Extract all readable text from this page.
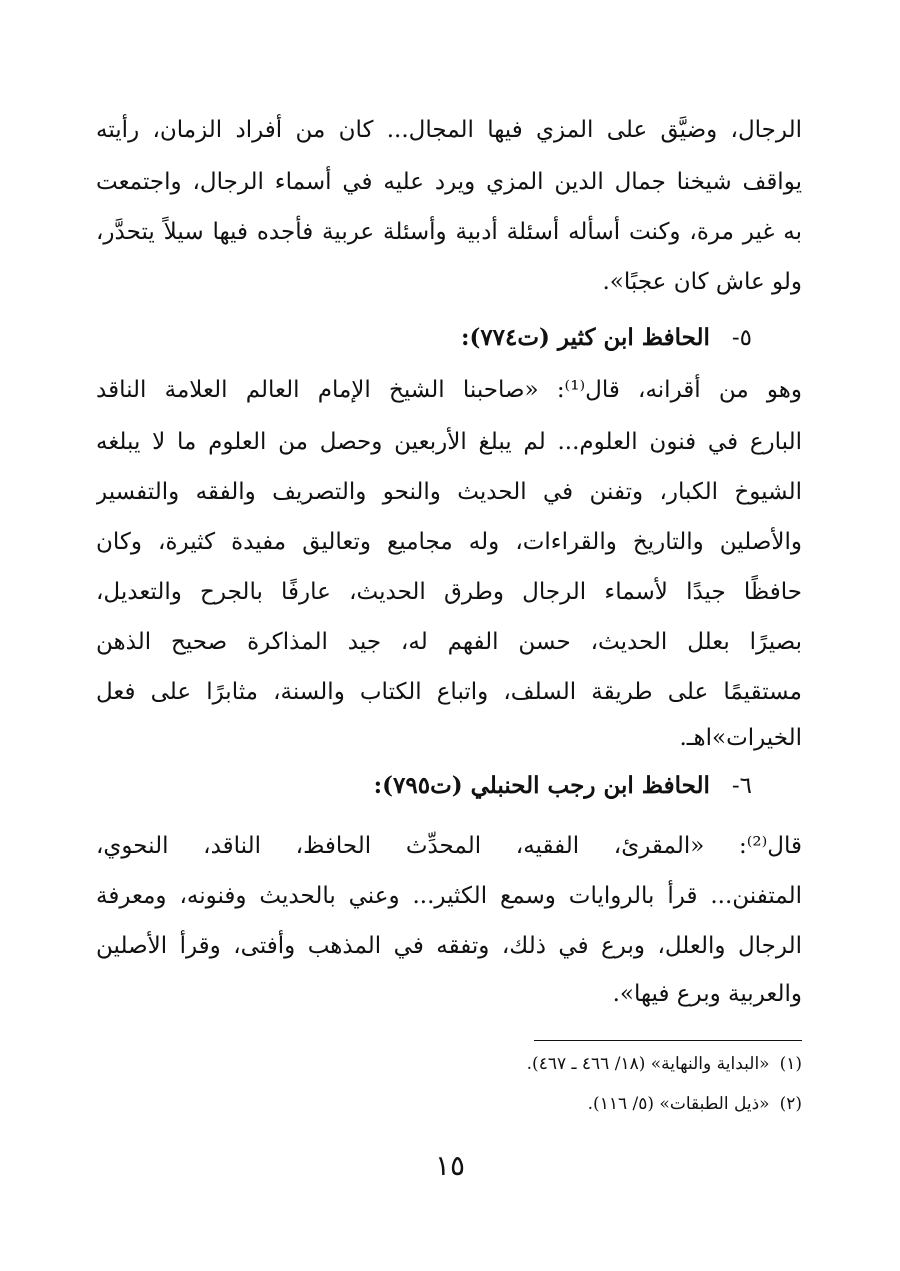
الرجال، وضيَّق على المزي فيها المجال... كان من أفراد الزمان، رأيته
يواقف شيخنا جمال الدين المزي ويرد عليه في أسماء الرجال، واجتمعت
به غير مرة، وكنت أسأله أسئلة أدبية وأسئلة عربية فأجده فيها سيلاً يتحدَّر،
ولو عاش كان عجبًا».
٥-الحافظ ابن كثير (ت٧٧٤):
وهو من أقرانه، قال⁽¹⁾: «صاحبنا الشيخ الإمام العالم العلامة الناقد
البارع في فنون العلوم... لم يبلغ الأربعين وحصل من العلوم ما لا يبلغه
الشيوخ الكبار، وتفنن في الحديث والنحو والتصريف والفقه والتفسير
والأصلين والتاريخ والقراءات، وله مجاميع وتعاليق مفيدة كثيرة، وكان
حافظًا جيدًا لأسماء الرجال وطرق الحديث، عارفًا بالجرح والتعديل،
بصيرًا بعلل الحديث، حسن الفهم له، جيد المذاكرة صحيح الذهن
مستقيمًا على طريقة السلف، واتباع الكتاب والسنة، مثابرًا على فعل
الخيرات»اهـ.
٦-الحافظ ابن رجب الحنبلي (ت٧٩٥):
قال⁽²⁾: «المقرئ، الفقيه، المحدِّث الحافظ، الناقد، النحوي،
المتفنن... قرأ بالروايات وسمع الكثير... وعني بالحديث وفنونه، ومعرفة
الرجال والعلل، وبرع في ذلك، وتفقه في المذهب وأفتى، وقرأ الأصلين
والعربية وبرع فيها».
(١)«البداية والنهاية» (١٨/ ٤٦٦ ـ ٤٦٧).
(٢)«ذيل الطبقات» (٥/ ١١٦).
١٥
